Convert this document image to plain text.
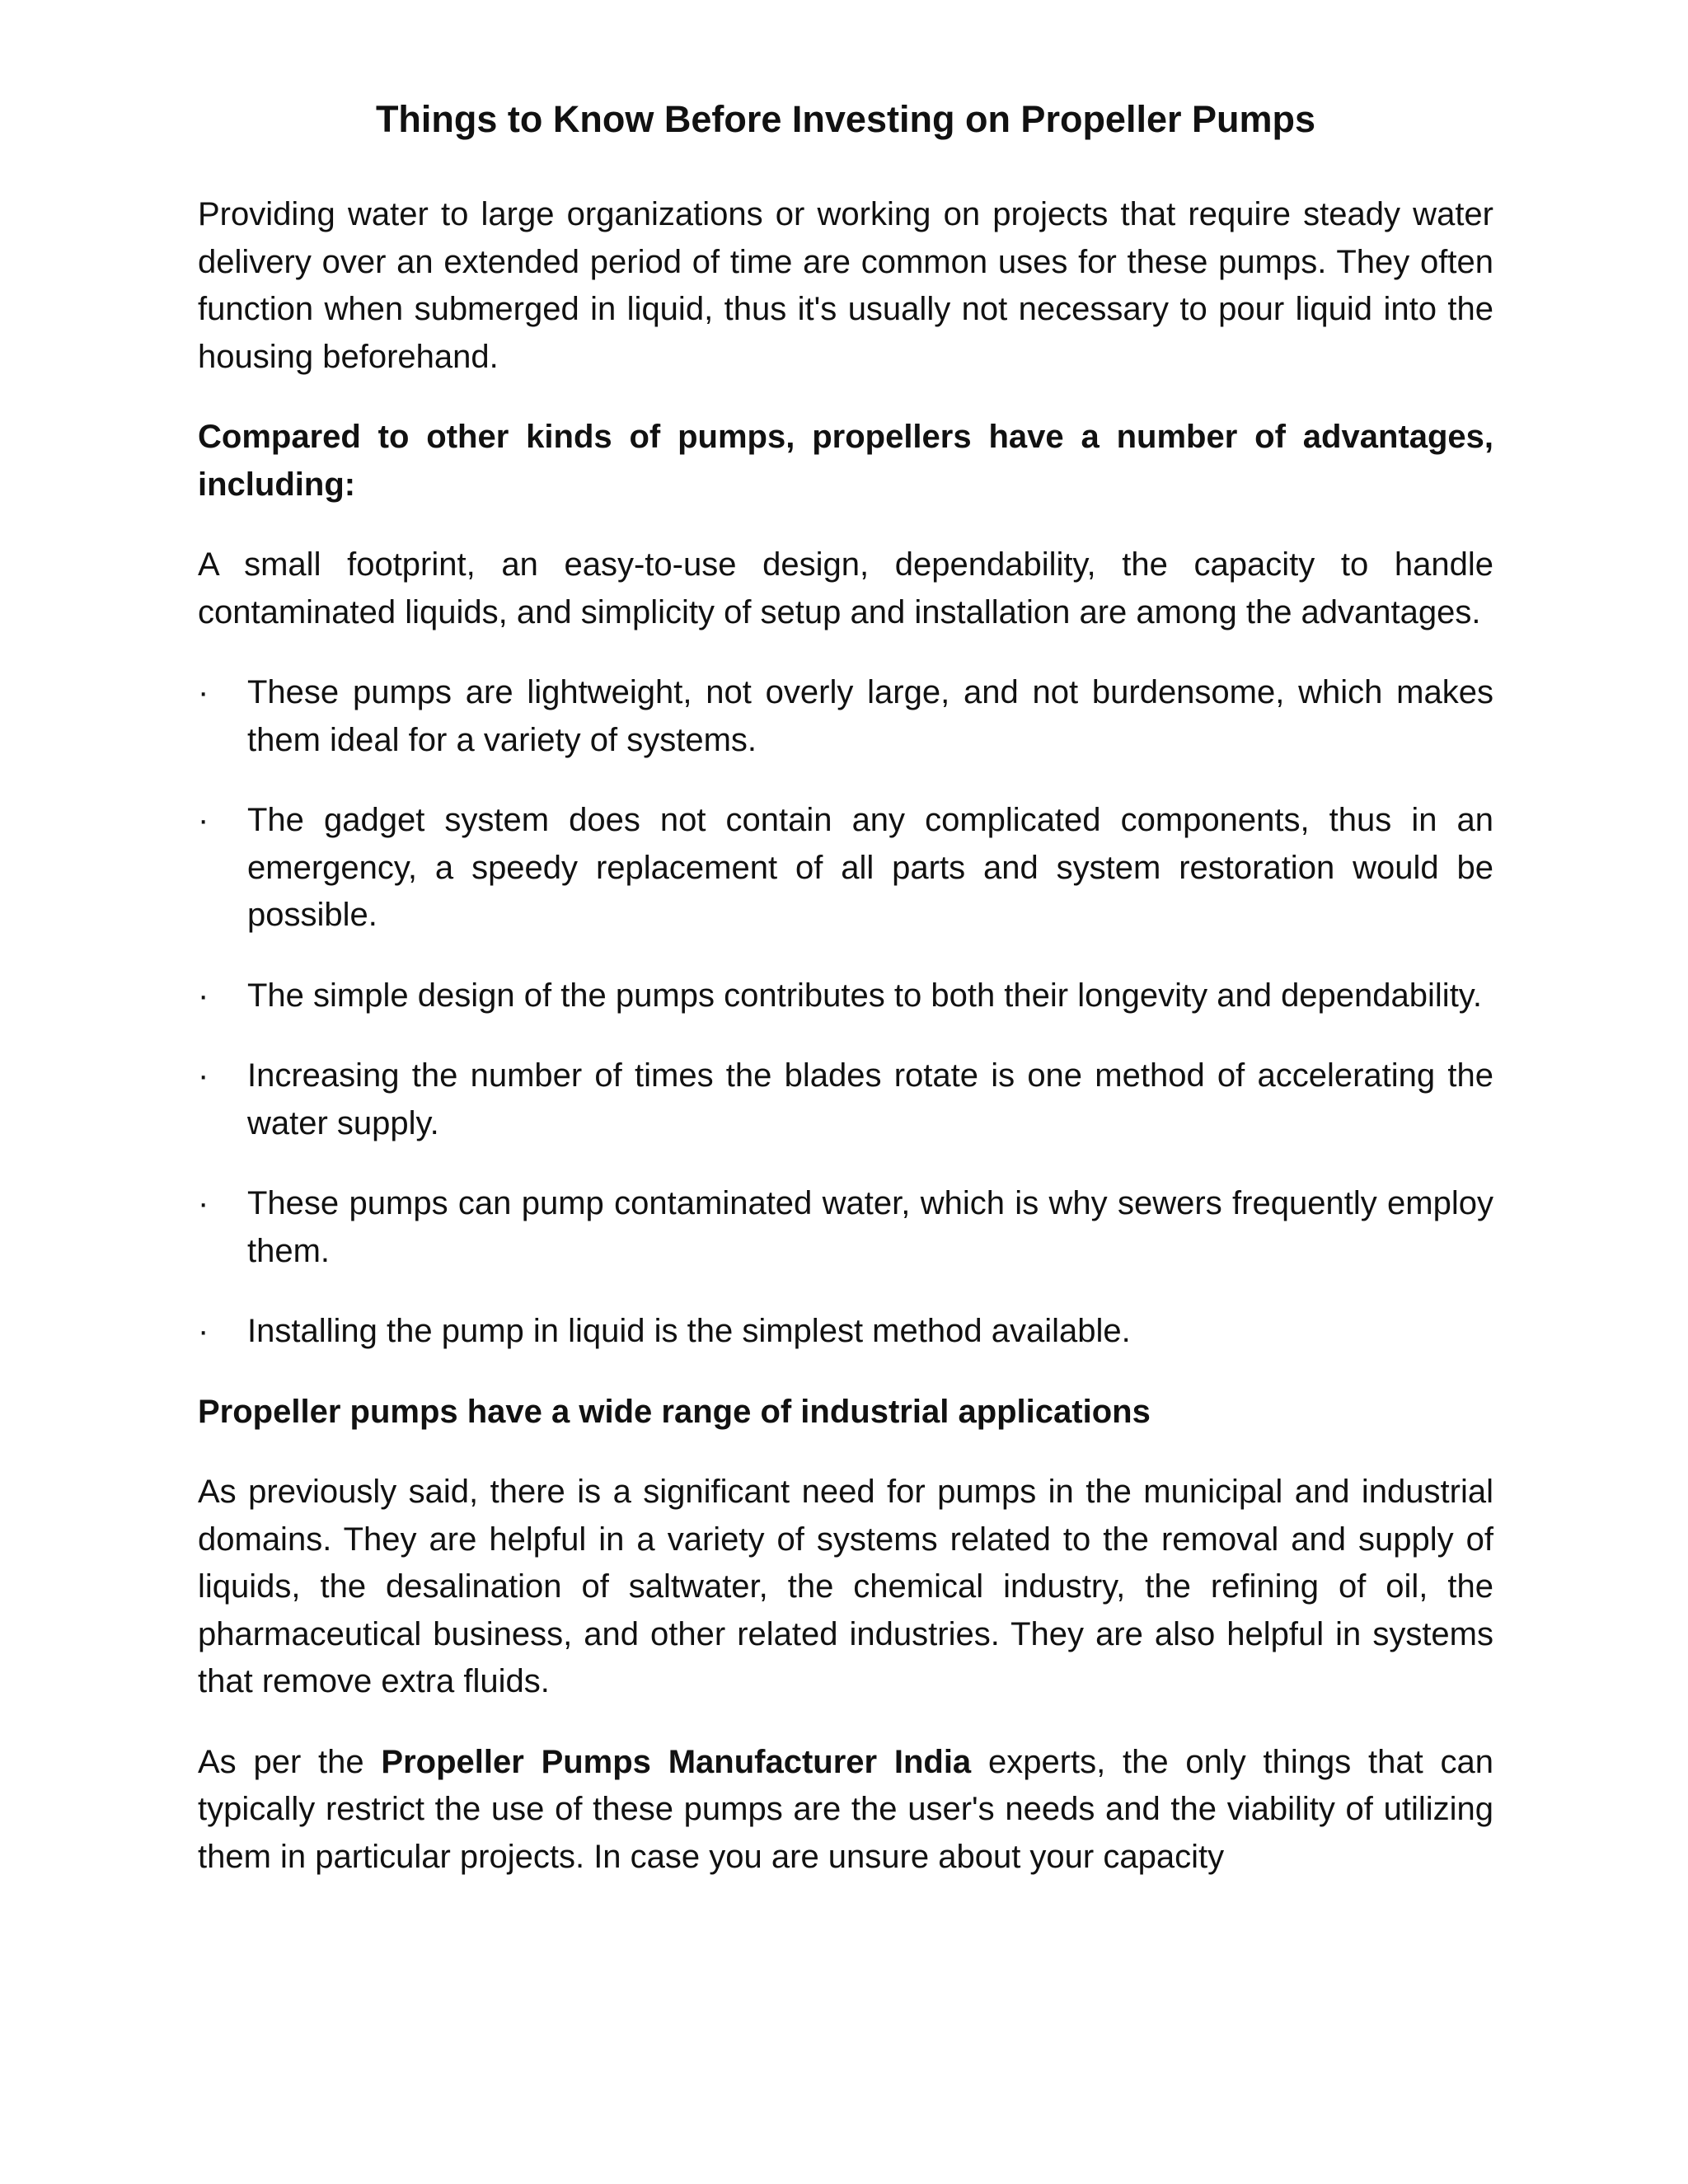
Things to Know Before Investing on Propeller Pumps

Providing water to large organizations or working on projects that require steady water delivery over an extended period of time are common uses for these pumps. They often function when submerged in liquid, thus it's usually not necessary to pour liquid into the housing beforehand.

Compared to other kinds of pumps, propellers have a number of advantages, including:

A small footprint, an easy-to-use design, dependability, the capacity to handle contaminated liquids, and simplicity of setup and installation are among the advantages.

· These pumps are lightweight, not overly large, and not burdensome, which makes them ideal for a variety of systems.
· The gadget system does not contain any complicated components, thus in an emergency, a speedy replacement of all parts and system restoration would be possible.
· The simple design of the pumps contributes to both their longevity and dependability.
· Increasing the number of times the blades rotate is one method of accelerating the water supply.
· These pumps can pump contaminated water, which is why sewers frequently employ them.
· Installing the pump in liquid is the simplest method available.

Propeller pumps have a wide range of industrial applications

As previously said, there is a significant need for pumps in the municipal and industrial domains. They are helpful in a variety of systems related to the removal and supply of liquids, the desalination of saltwater, the chemical industry, the refining of oil, the pharmaceutical business, and other related industries. They are also helpful in systems that remove extra fluids.

As per the Propeller Pumps Manufacturer India experts, the only things that can typically restrict the use of these pumps are the user's needs and the viability of utilizing them in particular projects. In case you are unsure about your capacity
